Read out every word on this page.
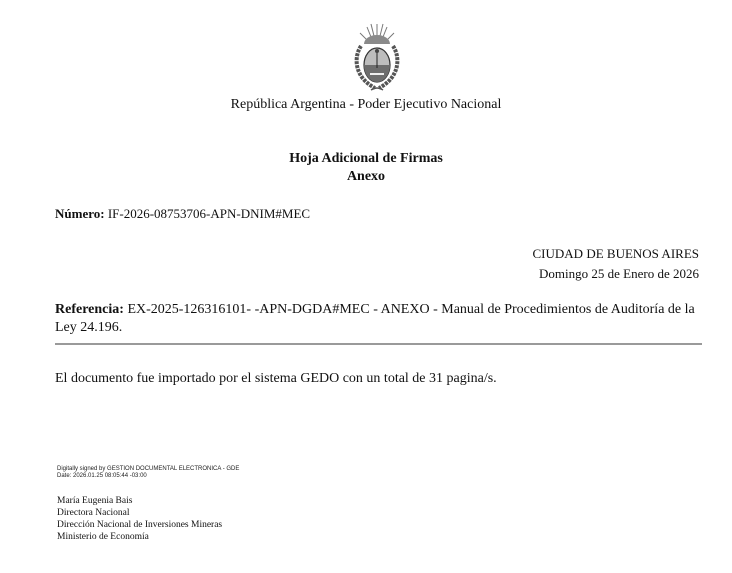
República Argentina - Poder Ejecutivo Nacional
Hoja Adicional de Firmas
Anexo
Número: IF-2026-08753706-APN-DNIM#MEC
CIUDAD DE BUENOS AIRES
Domingo 25 de Enero de 2026
Referencia: EX-2025-126316101- -APN-DGDA#MEC - ANEXO - Manual de Procedimientos de Auditoría de la Ley 24.196.
El documento fue importado por el sistema GEDO con un total de 31 pagina/s.
Digitally signed by GESTION DOCUMENTAL ELECTRONICA - GDE
Date: 2026.01.25 08:05:44 -03:00
María Eugenia Bais
Directora Nacional
Dirección Nacional de Inversiones Mineras
Ministerio de Economía
